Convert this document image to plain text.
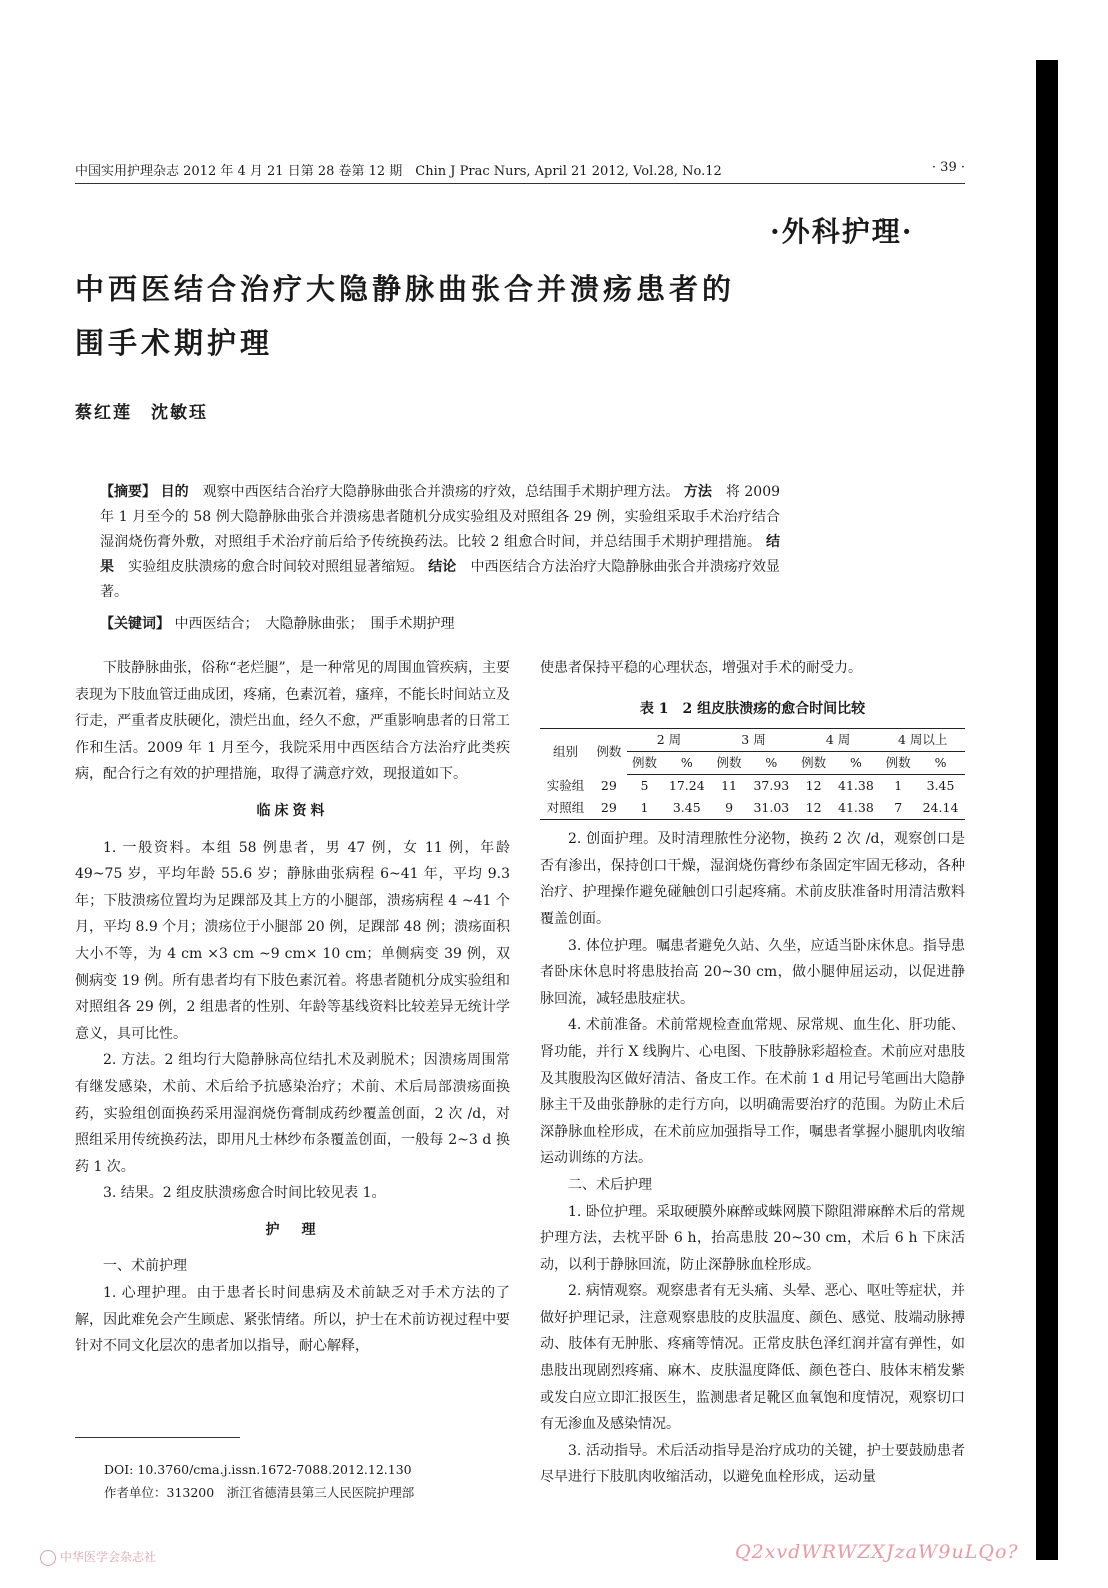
中国实用护理杂志 2012 年 4 月 21 日第 28 卷第 12 期　Chin J Prac Nurs, April 21 2012, Vol.28, No.12	· 39 ·
·外科护理·
中西医结合治疗大隐静脉曲张合并溃疡患者的
围手术期护理
蔡红莲　沈敏珏
【摘要】 目的　观察中西医结合治疗大隐静脉曲张合并溃疡的疗效，总结围手术期护理方法。 方法　将 2009 年 1 月至今的 58 例大隐静脉曲张合并溃疡患者随机分成实验组及对照组各 29 例，实验组采取手术治疗结合湿润烧伤膏外敷，对照组手术治疗前后给予传统换药法。比较 2 组愈合时间，并总结围手术期护理措施。 结果　实验组皮肤溃疡的愈合时间较对照组显著缩短。 结论　中西医结合方法治疗大隐静脉曲张合并溃疡疗效显著。
【关键词】 中西医结合；　大隐静脉曲张；　围手术期护理

下肢静脉曲张，俗称“老烂腿”，是一种常见的周围血管疾病，主要表现为下肢血管迂曲成团，疼痛，色素沉着，瘙痒，不能长时间站立及行走，严重者皮肤硬化，溃烂出血，经久不愈，严重影响患者的日常工作和生活。2009 年 1 月至今，我院采用中西医结合方法治疗此类疾病，配合行之有效的护理措施，取得了满意疗效，现报道如下。

临床资料

1. 一般资料。本组 58 例患者，男 47 例，女 11 例，年龄 49~75 岁，平均年龄 55.6 岁；静脉曲张病程 6~41 年，平均 9.3 年；下肢溃疡位置均为足踝部及其上方的小腿部，溃疡病程 4 ~41 个月，平均 8.9 个月；溃疡位于小腿部 20 例，足踝部 48 例；溃疡面积大小不等，为 4 cm ×3 cm ~9 cm× 10 cm；单侧病变 39 例，双侧病变 19 例。所有患者均有下肢色素沉着。将患者随机分成实验组和对照组各 29 例，2 组患者的性别、年龄等基线资料比较差异无统计学意义，具可比性。

2. 方法。2 组均行大隐静脉高位结扎术及剥脱术；因溃疡周围常有继发感染，术前、术后给予抗感染治疗；术前、术后局部溃疡面换药，实验组创面换药采用湿润烧伤膏制成药纱覆盖创面，2 次 /d，对照组采用传统换药法，即用凡士林纱布条覆盖创面，一般每 2~3 d 换药 1 次。

3. 结果。2 组皮肤溃疡愈合时间比较见表 1。

护　理

一、术前护理

1. 心理护理。由于患者长时间患病及术前缺乏对手术方法的了解，因此难免会产生顾虑、紧张情绪。所以，护士在术前访视过程中要针对不同文化层次的患者加以指导，耐心解释，

使患者保持平稳的心理状态，增强对手术的耐受力。

表 1　2 组皮肤溃疡的愈合时间比较
组别	例数	2 周		3 周		4 周		4 周以上	
		例数	%	例数	%	例数	%	例数	%
实验组	29	5	17.24	11	37.93	12	41.38	1	3.45
对照组	29	1	3.45	9	31.03	12	41.38	7	24.14

2. 创面护理。及时清理脓性分泌物，换药 2 次 /d，观察创口是否有渗出，保持创口干燥，湿润烧伤膏纱布条固定牢固无移动，各种治疗、护理操作避免碰触创口引起疼痛。术前皮肤准备时用清洁敷料覆盖创面。

3. 体位护理。嘱患者避免久站、久坐，应适当卧床休息。指导患者卧床休息时将患肢抬高 20~30 cm，做小腿伸屈运动，以促进静脉回流，减轻患肢症状。

4. 术前准备。术前常规检查血常规、尿常规、血生化、肝功能、肾功能，并行 X 线胸片、心电图、下肢静脉彩超检查。术前应对患肢及其腹股沟区做好清洁、备皮工作。在术前 1 d 用记号笔画出大隐静脉主干及曲张静脉的走行方向，以明确需要治疗的范围。为防止术后深静脉血栓形成，在术前应加强指导工作，嘱患者掌握小腿肌肉收缩运动训练的方法。

二、术后护理

1. 卧位护理。采取硬膜外麻醉或蛛网膜下隙阻滞麻醉术后的常规护理方法，去枕平卧 6 h，抬高患肢 20~30 cm，术后 6 h 下床活动，以利于静脉回流，防止深静脉血栓形成。

2. 病情观察。观察患者有无头痛、头晕、恶心、呕吐等症状，并做好护理记录，注意观察患肢的皮肤温度、颜色、感觉、肢端动脉搏动、肢体有无肿胀、疼痛等情况。正常皮肤色泽红润并富有弹性，如患肢出现剧烈疼痛、麻木、皮肤温度降低、颜色苍白、肢体末梢发紫或发白应立即汇报医生，监测患者足靴区血氧饱和度情况，观察切口有无渗血及感染情况。

3. 活动指导。术后活动指导是治疗成功的关键，护士要鼓励患者尽早进行下肢肌肉收缩活动，以避免血栓形成，运动量

DOI: 10.3760/cma.j.issn.1672-7088.2012.12.130
作者单位：313200　浙江省德清县第三人民医院护理部
中华医学会杂志社	Q2xvdWRWZXJzaW9uLQo?
